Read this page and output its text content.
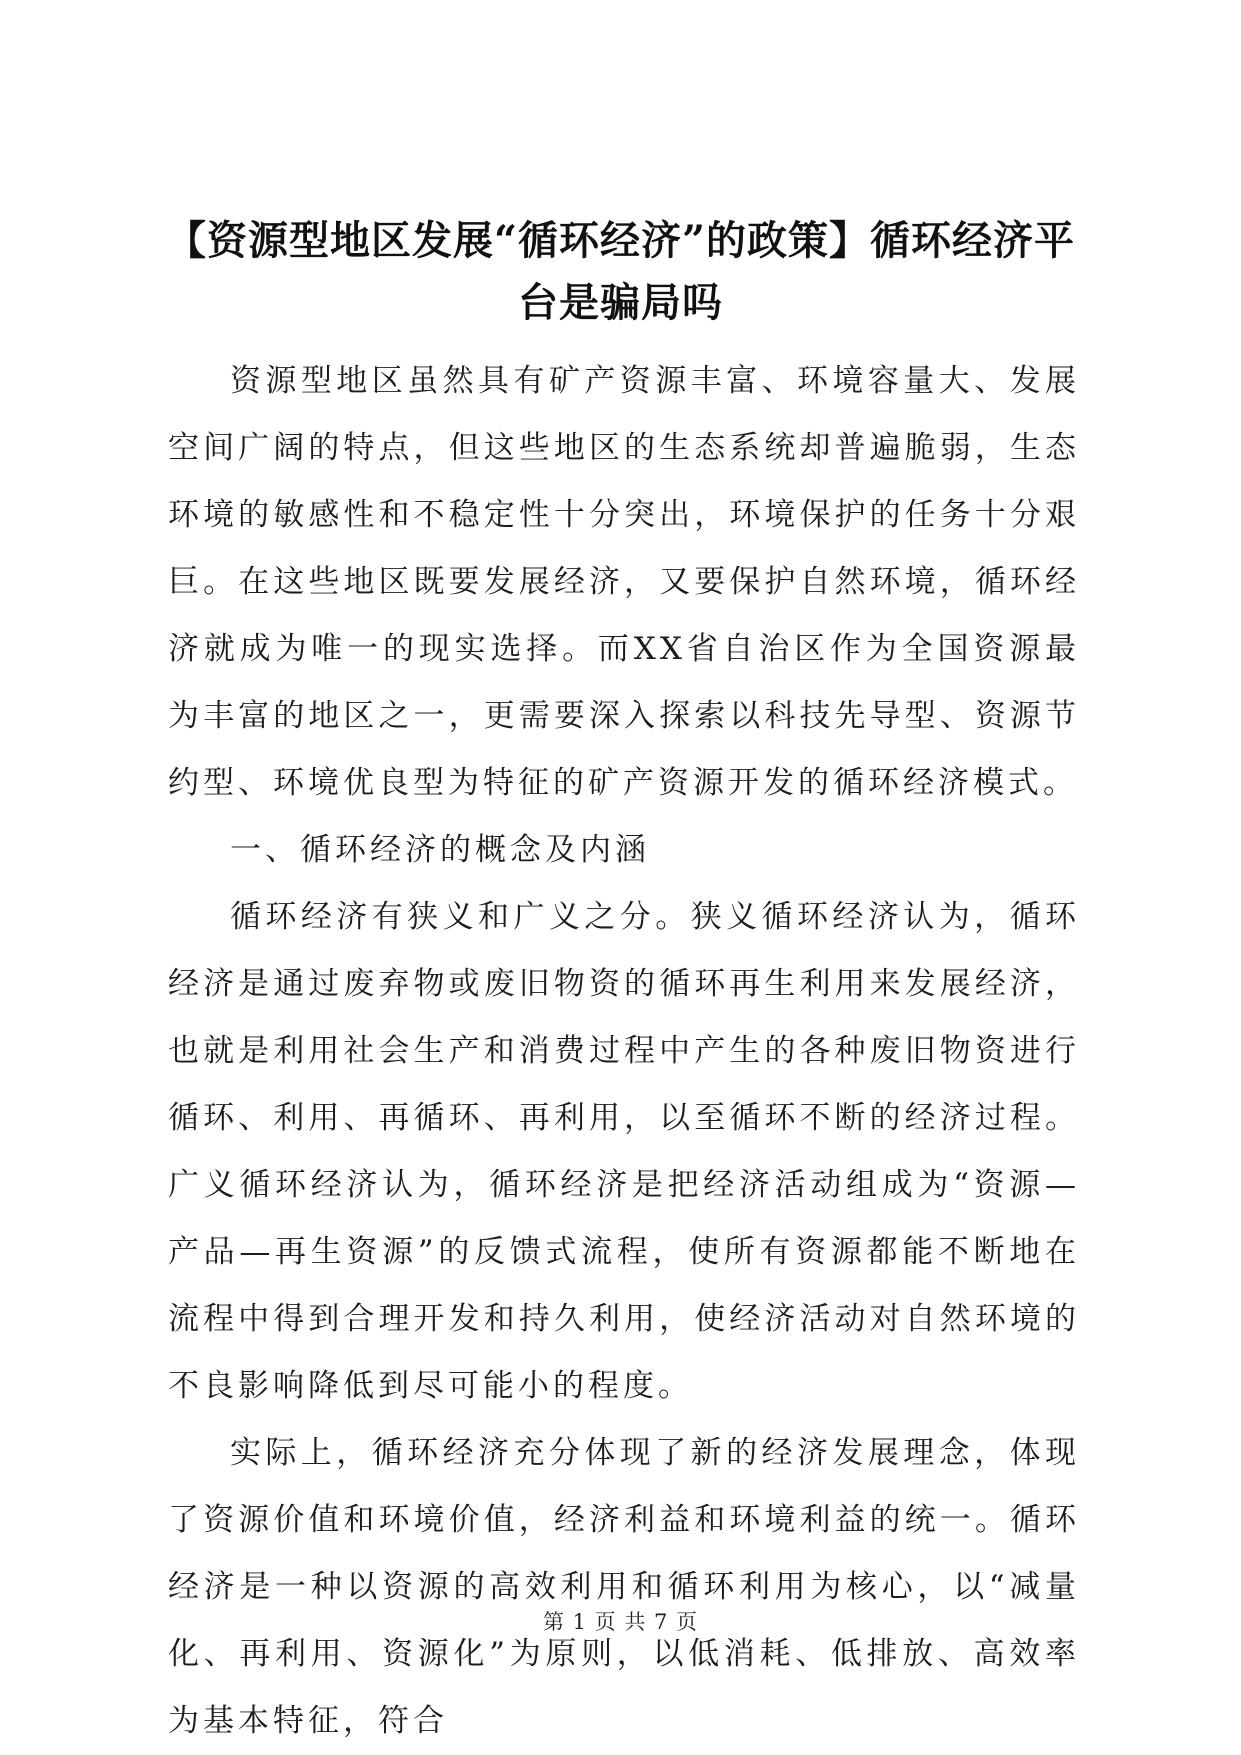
【资源型地区发展“循环经济”的政策】循环经济平台是骗局吗

资源型地区虽然具有矿产资源丰富、环境容量大、发展空间广阔的特点，但这些地区的生态系统却普遍脆弱，生态环境的敏感性和不稳定性十分突出，环境保护的任务十分艰巨。在这些地区既要发展经济，又要保护自然环境，循环经济就成为唯一的现实选择。而XX省自治区作为全国资源最为丰富的地区之一，更需要深入探索以科技先导型、资源节约型、环境优良型为特征的矿产资源开发的循环经济模式。

一、循环经济的概念及内涵

循环经济有狭义和广义之分。狭义循环经济认为，循环经济是通过废弃物或废旧物资的循环再生利用来发展经济，也就是利用社会生产和消费过程中产生的各种废旧物资进行循环、利用、再循环、再利用，以至循环不断的经济过程。广义循环经济认为，循环经济是把经济活动组成为“资源—产品—再生资源”的反馈式流程，使所有资源都能不断地在流程中得到合理开发和持久利用，使经济活动对自然环境的不良影响降低到尽可能小的程度。

实际上，循环经济充分体现了新的经济发展理念，体现了资源价值和环境价值，经济利益和环境利益的统一。循环经济是一种以资源的高效利用和循环利用为核心，以“减量化、再利用、资源化”为原则，以低消耗、低排放、高效率为基本特征，符合

第 1 页 共 7 页
